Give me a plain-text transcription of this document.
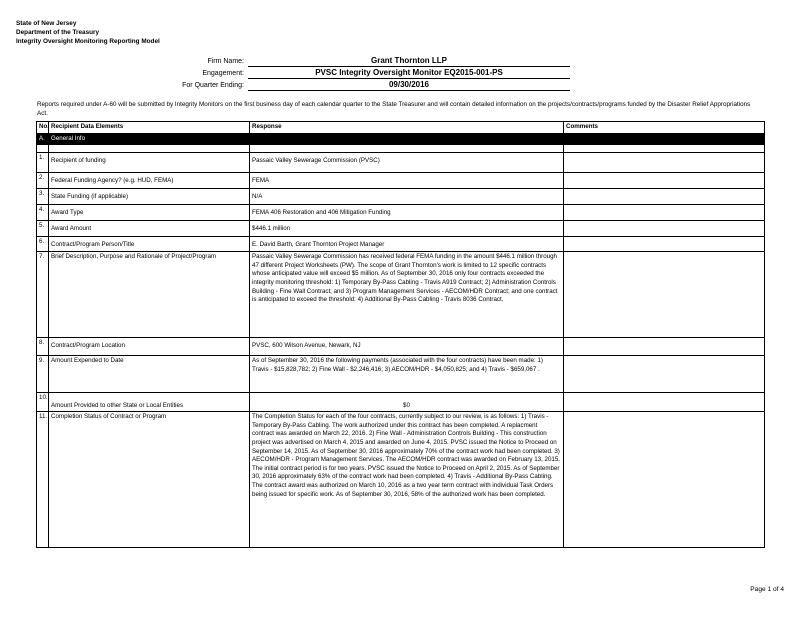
State of New Jersey
Department of the Treasury
Integrity Oversight Monitoring Reporting Model
Firm Name:	Grant Thornton LLP
Engagement:	PVSC Integrity Oversight Monitor EQ2015-001-PS
For Quarter Ending:	09/30/2016
Reports required under A-60 will be submitted by Integrity Monitors on the first business day of each calendar quarter to the State Treasurer and will contain detailed information on the projects/contracts/programs funded by the Disaster Relief Appropriations Act.
No.	Recipient Data Elements	Response	Comments
A.	General Info		

1.	Recipient of funding	Passaic Valley Sewerage Commission (PVSC)	
2.	Federal Funding Agency? (e.g. HUD, FEMA)	FEMA	
3.	State Funding (if applicable)	N/A	
4.	Award Type	FEMA 406 Restoration and 406 Mitigation Funding	
5.	Award Amount	$446.1 million	
6.	Contract/Program Person/Title	E. David Barth, Grant Thornton Project Manager	
7.	Brief Description, Purpose and Rationale of Project/Program	Passaic Valley Sewerage Commission has received federal FEMA funding in the amount $446.1 million through 47 different Project Worksheets (PW). The scope of Grant Thornton's work is limited to 12 specific contracts whose anticipated value will exceed $5 million. As of September 30, 2016 only four contracts exceeded the integrity monitoring threshold: 1) Temporary By-Pass Cabling - Travis A919 Contract; 2) Administration Controls Building - Fine Wall Contract; and 3) Program Management Services - AECOM/HDR Contract; and one contract is anticipated to exceed the threshold: 4) Additional By-Pass Cabling - Travis 8036 Contract.	
8.	Contract/Program Location	PVSC, 600 Wilson Avenue, Newark, NJ	
9.	Amount Expended to Date	As of September 30, 2016 the following payments (associated with the four contracts) have been made: 1) Travis - $15,828,782; 2) Fine Wall - $2,246,416; 3) AECOM/HDR - $4,050,825; and 4) Travis - $659,067 .	
10.	Amount Provided to other State or Local Entities	$0	
11.	Completion Status of Contract or Program	The Completion Status for each of the four contracts, currently subject to our review, is as follows: 1) Travis - Temporary By-Pass Cabling. The work authorized under this contract has been completed. A replacment contract was awarded on March 22, 2016. 2) Fine Wall - Administration Controls Building - This construction project was advertised on March 4, 2015 and awarded on June 4, 2015. PVSC issued the Notice to Proceed on September 14, 2015. As of September 30, 2016 approximately 70% of the contract work had been completed. 3) AECOM/HDR - Program Management Services. The AECOM/HDR contract was awarded on February 13, 2015. The initial contract period is for two years. PVSC issued the Notice to Proceed on April 2, 2015. As of September 30, 2016 approximately 63% of the contract work had been completed. 4) Travis - Additional By-Pass Cabling. The contract award was authorized on March 10, 2016 as a two year term contract with individual Task Orders being issued for specific work. As of September 30, 2016, 58% of the authorized work has been completed.	
Page 1 of 4
